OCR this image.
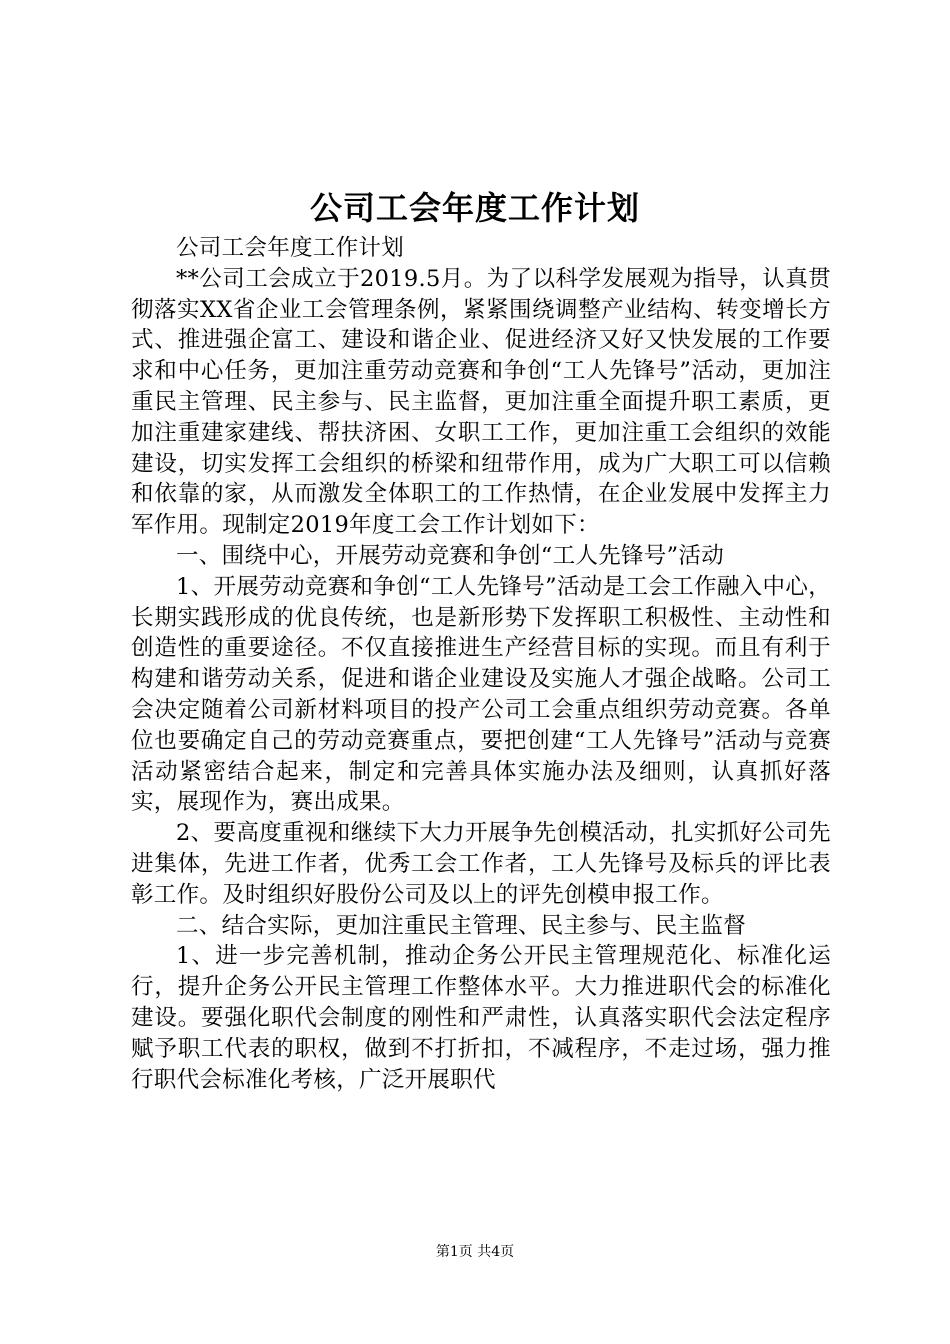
公司工会年度工作计划

公司工会年度工作计划

**公司工会成立于2019.5月。为了以科学发展观为指导，认真贯彻落实XX省企业工会管理条例，紧紧围绕调整产业结构、转变增长方式、推进强企富工、建设和谐企业、促进经济又好又快发展的工作要求和中心任务，更加注重劳动竞赛和争创“工人先锋号”活动，更加注重民主管理、民主参与、民主监督，更加注重全面提升职工素质，更加注重建家建线、帮扶济困、女职工工作，更加注重工会组织的效能建设，切实发挥工会组织的桥梁和纽带作用，成为广大职工可以信赖和依靠的家，从而激发全体职工的工作热情，在企业发展中发挥主力军作用。现制定2019年度工会工作计划如下：

一、围绕中心，开展劳动竞赛和争创“工人先锋号”活动

1、开展劳动竞赛和争创“工人先锋号”活动是工会工作融入中心，长期实践形成的优良传统，也是新形势下发挥职工积极性、主动性和创造性的重要途径。不仅直接推进生产经营目标的实现。而且有利于构建和谐劳动关系，促进和谐企业建设及实施人才强企战略。公司工会决定随着公司新材料项目的投产公司工会重点组织劳动竞赛。各单位也要确定自己的劳动竞赛重点，要把创建“工人先锋号”活动与竞赛活动紧密结合起来，制定和完善具体实施办法及细则，认真抓好落实，展现作为，赛出成果。

2、要高度重视和继续下大力开展争先创模活动，扎实抓好公司先进集体，先进工作者，优秀工会工作者，工人先锋号及标兵的评比表彰工作。及时组织好股份公司及以上的评先创模申报工作。

二、结合实际，更加注重民主管理、民主参与、民主监督

1、进一步完善机制，推动企务公开民主管理规范化、标准化运行，提升企务公开民主管理工作整体水平。大力推进职代会的标准化建设。要强化职代会制度的刚性和严肃性，认真落实职代会法定程序赋予职工代表的职权，做到不打折扣，不减程序，不走过场，强力推行职代会标准化考核，广泛开展职代

第1页 共4页
